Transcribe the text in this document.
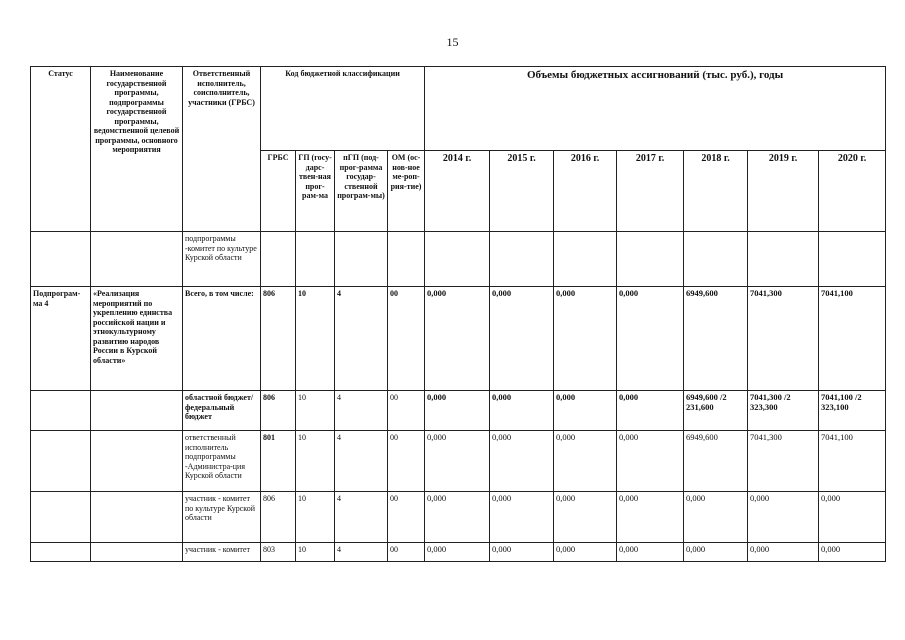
15
Статус	Наименование государственной программы, подпрограммы государственной программы, ведомственной целевой программы, основного мероприятия	Ответственный исполнитель, соисполнитель, участники (ГРБС)	Код бюджетной классификации				Объемы бюджетных ассигнований (тыс. руб.), годы						
			ГРБС	ГП (госу-дарс-твен-ная прог-рам-ма	пГП (под-прог-рамма государ-ственной програм-мы)	ОМ (ос-нов-ное ме-роп-рия-тие)	2014 г.	2015 г.	2016 г.	2017 г.	2018 г.	2019 г.	2020 г.
		подпрограммы -комитет по культуре Курской области											
Подпрограм-ма 4	«Реализация мероприятий по укреплению единства российской нации и этнокультурному развитию народов России в Курской области»	Всего, в том числе:	806	10	4	00	0,000	0,000	0,000	0,000	6949,600	7041,300	7041,100
		областной бюджет/ федеральный бюджет	806	10	4	00	0,000	0,000	0,000	0,000	6949,600 /2 231,600	7041,300 /2 323,300	7041,100 /2 323,100
		ответственный исполнитель подпрограммы -Администра-ция Курской области	801	10	4	00	0,000	0,000	0,000	0,000	6949,600	7041,300	7041,100
		участник - комитет по культуре Курской области	806	10	4	00	0,000	0,000	0,000	0,000	0,000	0,000	0,000
		участник - комитет	803	10	4	00	0,000	0,000	0,000	0,000	0,000	0,000	0,000
